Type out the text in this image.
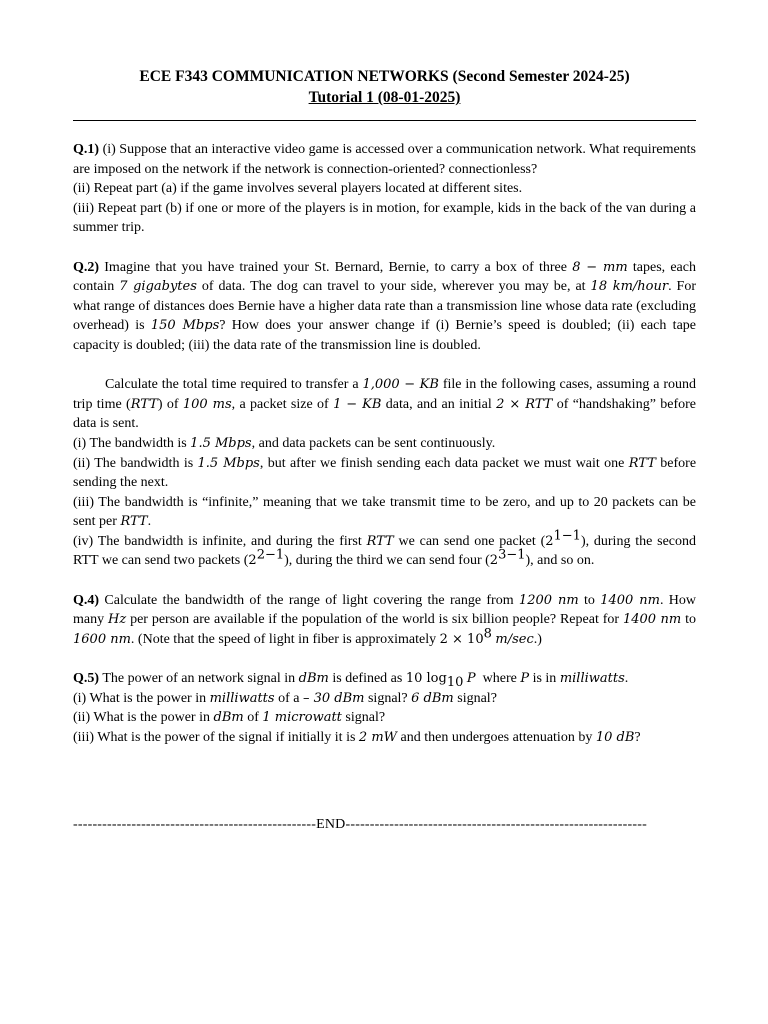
ECE F343 COMMUNICATION NETWORKS (Second Semester 2024-25)
Tutorial 1 (08-01-2025)

Q.1) (i) Suppose that an interactive video game is accessed over a communication network. What requirements are imposed on the network if the network is connection-oriented? connectionless?

(ii) Repeat part (a) if the game involves several players located at different sites.

(iii) Repeat part (b) if one or more of the players is in motion, for example, kids in the back of the van during a summer trip.

Q.2) Imagine that you have trained your St. Bernard, Bernie, to carry a box of three 8 − mm tapes, each contain 7 gigabytes of data. The dog can travel to your side, wherever you may be, at 18 km/hour. For what range of distances does Bernie have a higher data rate than a transmission line whose data rate (excluding overhead) is 150 Mbps? How does your answer change if (i) Bernie’s speed is doubled; (ii) each tape capacity is doubled; (iii) the data rate of the transmission line is doubled.

Calculate the total time required to transfer a 1,000 − KB file in the following cases, assuming a round trip time (RTT) of 100 ms, a packet size of 1 − KB data, and an initial 2 × RTT of “handshaking” before data is sent.

(i) The bandwidth is 1.5 Mbps, and data packets can be sent continuously.

(ii) The bandwidth is 1.5 Mbps, but after we finish sending each data packet we must wait one RTT before sending the next.

(iii) The bandwidth is “infinite,” meaning that we take transmit time to be zero, and up to 20 packets can be sent per RTT.

(iv) The bandwidth is infinite, and during the first RTT we can send one packet $(2^{1-1})$, during the second RTT we can send two packets $(2^{2-1})$, during the third we can send four $(2^{3-1})$, and so on.

Q.4) Calculate the bandwidth of the range of light covering the range from 1200 nm to 1400 nm. How many Hz per person are available if the population of the world is six billion people? Repeat for 1400 nm to 1600 nm. (Note that the speed of light in fiber is approximately $2 \times 10^8$ m/sec.)

Q.5) The power of an network signal in dBm is defined as 10 $\log_{10} P$ where P is in milliwatts.

(i) What is the power in milliwatts of a – 30 dBm signal? 6 dBm signal?

(ii) What is the power in dBm of 1 microwatt signal?

(iii) What is the power of the signal if initially it is 2 mW and then undergoes attenuation by 10 dB?

--------------------------------------------------END--------------------------------------------------------------
